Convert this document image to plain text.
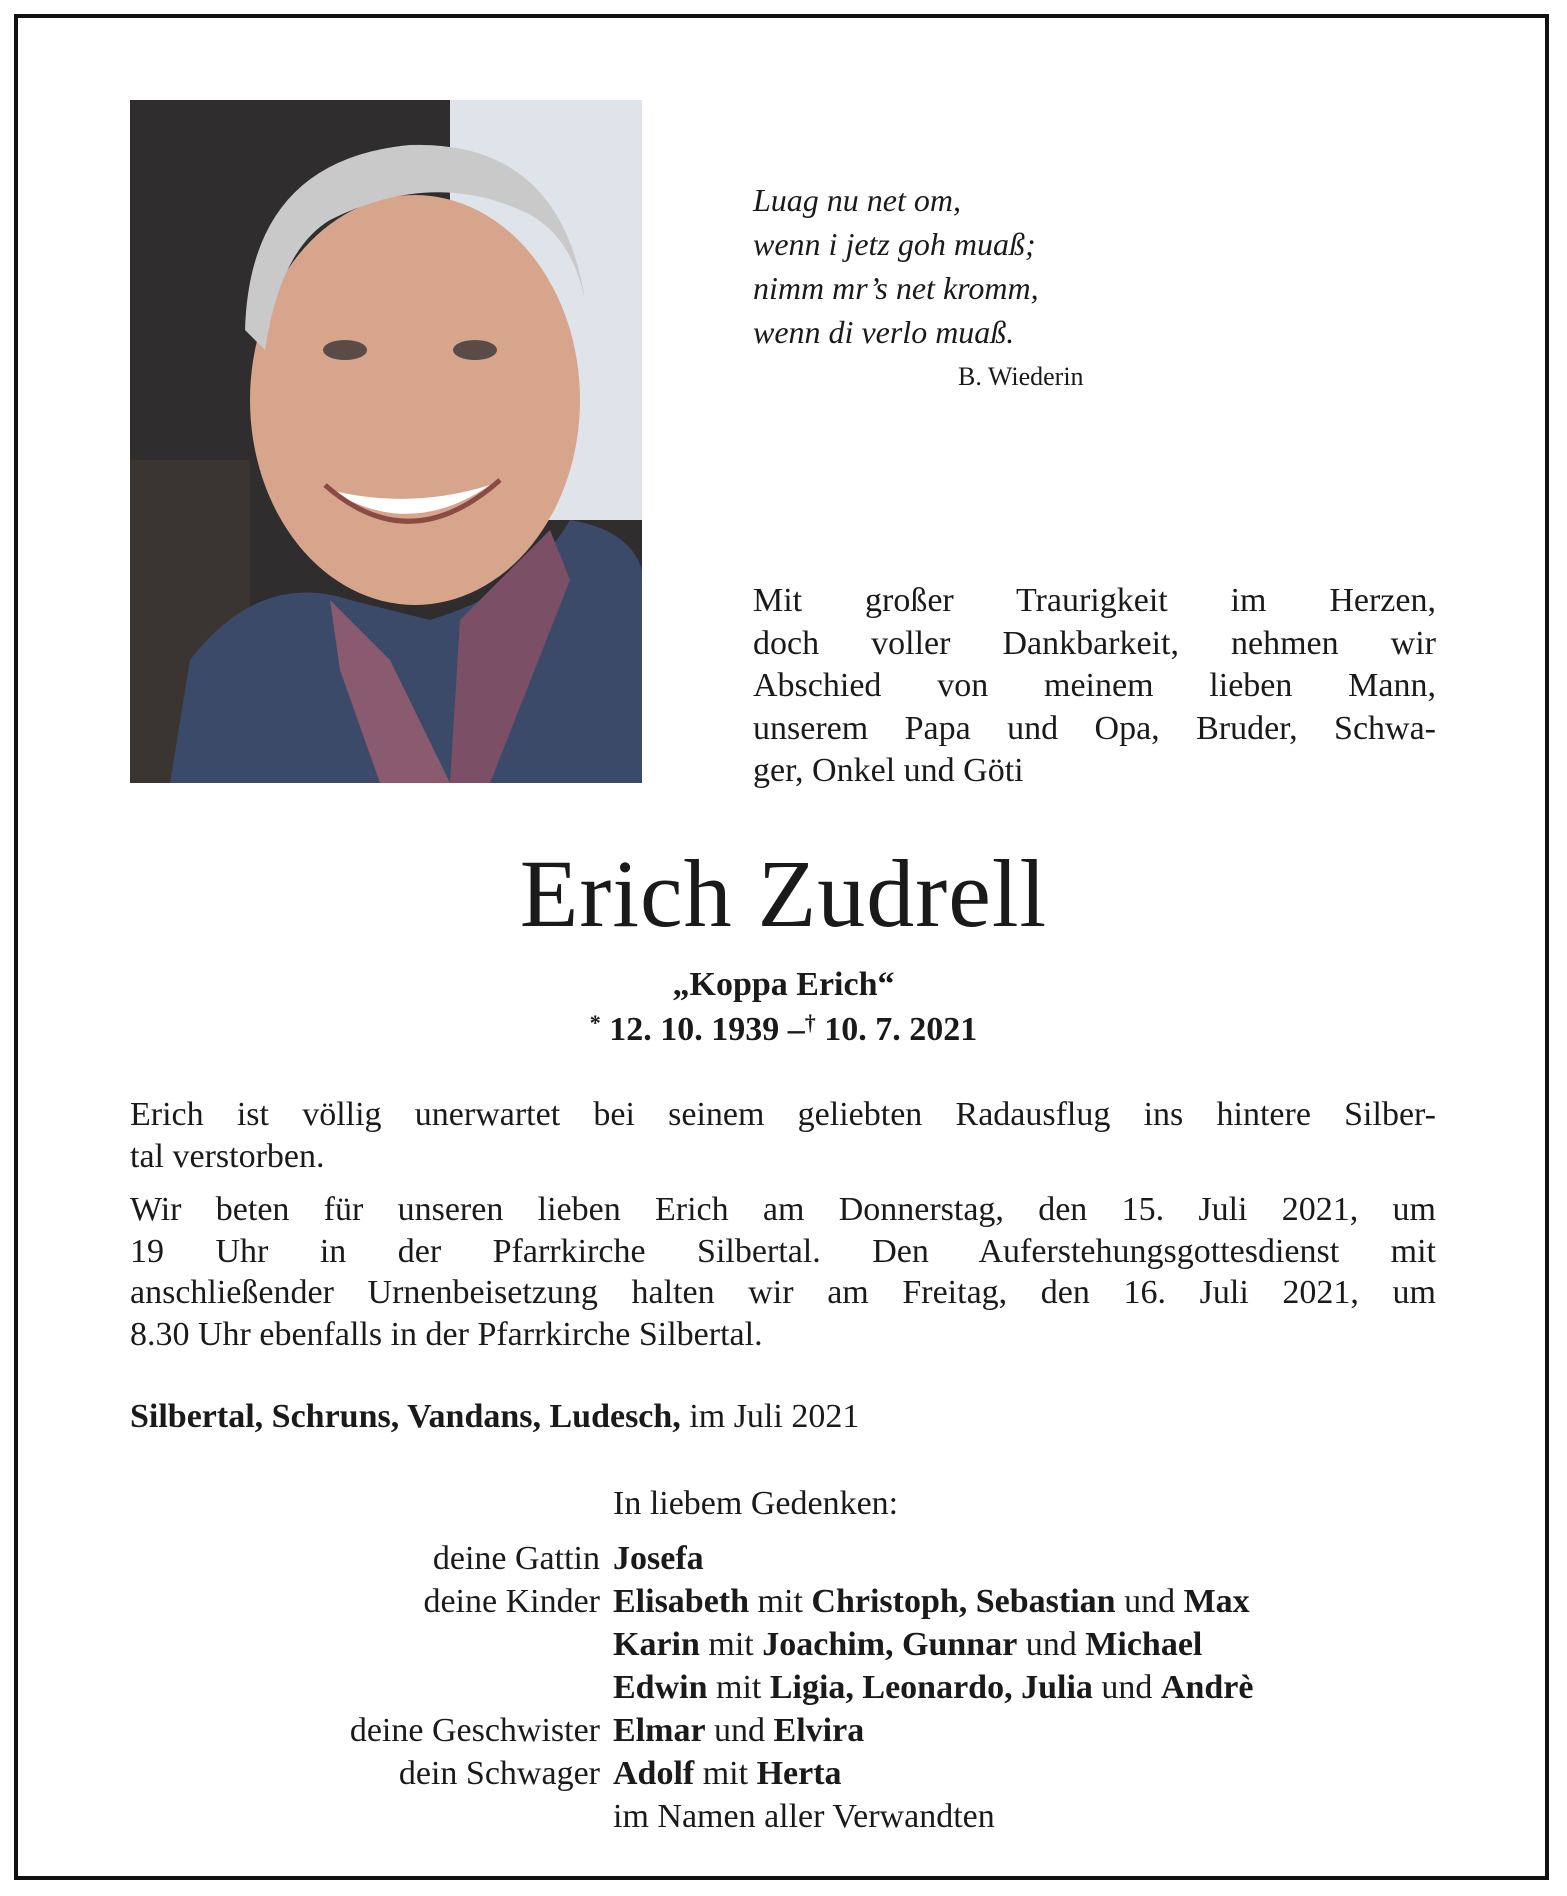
Luag nu net om,
wenn i jetz goh muaß;
nimm mr’s net kromm,
wenn di verlo muaß.
B. Wiederin
Mit großer Traurigkeit im Herzen,
doch voller Dankbarkeit, nehmen wir
Abschied von meinem lieben Mann,
unserem Papa und Opa, Bruder, Schwa-
ger, Onkel und Göti
Erich Zudrell
„Koppa Erich“
* 12. 10. 1939 –† 10. 7. 2021

Erich ist völlig unerwartet bei seinem geliebten Radausflug ins hintere Silber-
tal verstorben.

Wir beten für unseren lieben Erich am Donnerstag, den 15. Juli 2021, um
19 Uhr in der Pfarrkirche Silbertal. Den Auferstehungsgottesdienst mit
anschließender Urnenbeisetzung halten wir am Freitag, den 16. Juli 2021, um
8.30 Uhr ebenfalls in der Pfarrkirche Silbertal.

Silbertal, Schruns, Vandans, Ludesch, im Juli 2021
In liebem Gedenken:
deine Gattin Josefa
deine Kinder Elisabeth mit Christoph, Sebastian und Max
Karin mit Joachim, Gunnar und Michael
Edwin mit Ligia, Leonardo, Julia und Andrè
deine Geschwister Elmar und Elvira
dein Schwager Adolf mit Herta
im Namen aller Verwandten
